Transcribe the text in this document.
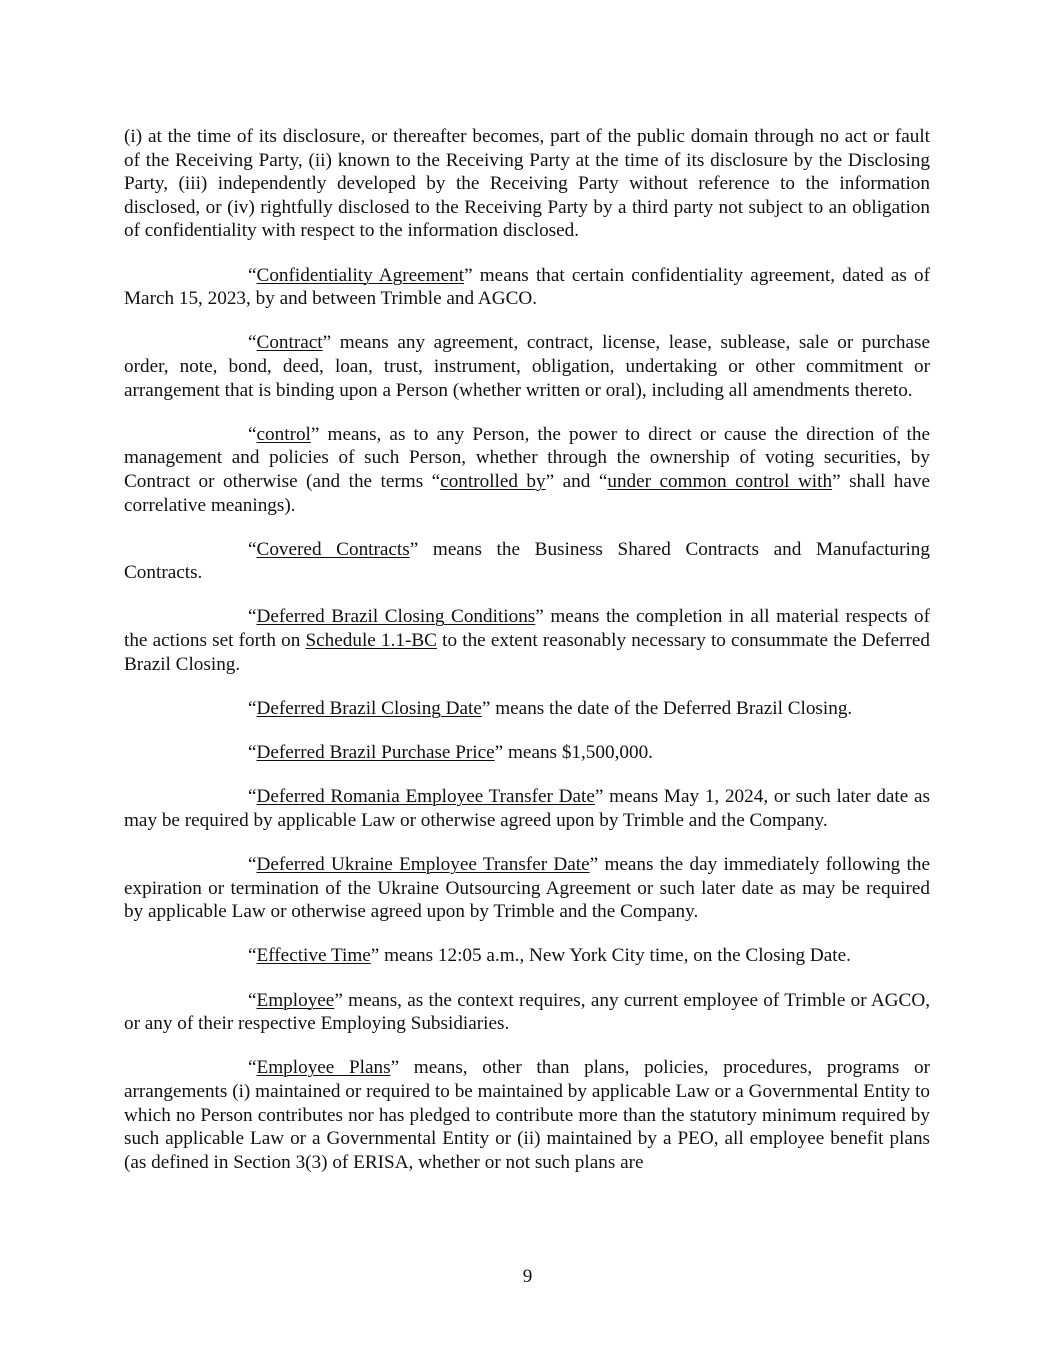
(i) at the time of its disclosure, or thereafter becomes, part of the public domain through no act or fault of the Receiving Party, (ii) known to the Receiving Party at the time of its disclosure by the Disclosing Party, (iii) independently developed by the Receiving Party without reference to the information disclosed, or (iv) rightfully disclosed to the Receiving Party by a third party not subject to an obligation of confidentiality with respect to the information disclosed.

“Confidentiality Agreement” means that certain confidentiality agreement, dated as of March 15, 2023, by and between Trimble and AGCO.

“Contract” means any agreement, contract, license, lease, sublease, sale or purchase order, note, bond, deed, loan, trust, instrument, obligation, undertaking or other commitment or arrangement that is binding upon a Person (whether written or oral), including all amendments thereto.

“control” means, as to any Person, the power to direct or cause the direction of the management and policies of such Person, whether through the ownership of voting securities, by Contract or otherwise (and the terms “controlled by” and “under common control with” shall have correlative meanings).

“Covered Contracts” means the Business Shared Contracts and Manufacturing Contracts.

“Deferred Brazil Closing Conditions” means the completion in all material respects of the actions set forth on Schedule 1.1-BC to the extent reasonably necessary to consummate the Deferred Brazil Closing.

“Deferred Brazil Closing Date” means the date of the Deferred Brazil Closing.

“Deferred Brazil Purchase Price” means $1,500,000.

“Deferred Romania Employee Transfer Date” means May 1, 2024, or such later date as may be required by applicable Law or otherwise agreed upon by Trimble and the Company.

“Deferred Ukraine Employee Transfer Date” means the day immediately following the expiration or termination of the Ukraine Outsourcing Agreement or such later date as may be required by applicable Law or otherwise agreed upon by Trimble and the Company.

“Effective Time” means 12:05 a.m., New York City time, on the Closing Date.

“Employee” means, as the context requires, any current employee of Trimble or AGCO, or any of their respective Employing Subsidiaries.

“Employee Plans” means, other than plans, policies, procedures, programs or arrangements (i) maintained or required to be maintained by applicable Law or a Governmental Entity to which no Person contributes nor has pledged to contribute more than the statutory minimum required by such applicable Law or a Governmental Entity or (ii) maintained by a PEO, all employee benefit plans (as defined in Section 3(3) of ERISA, whether or not such plans are

9
